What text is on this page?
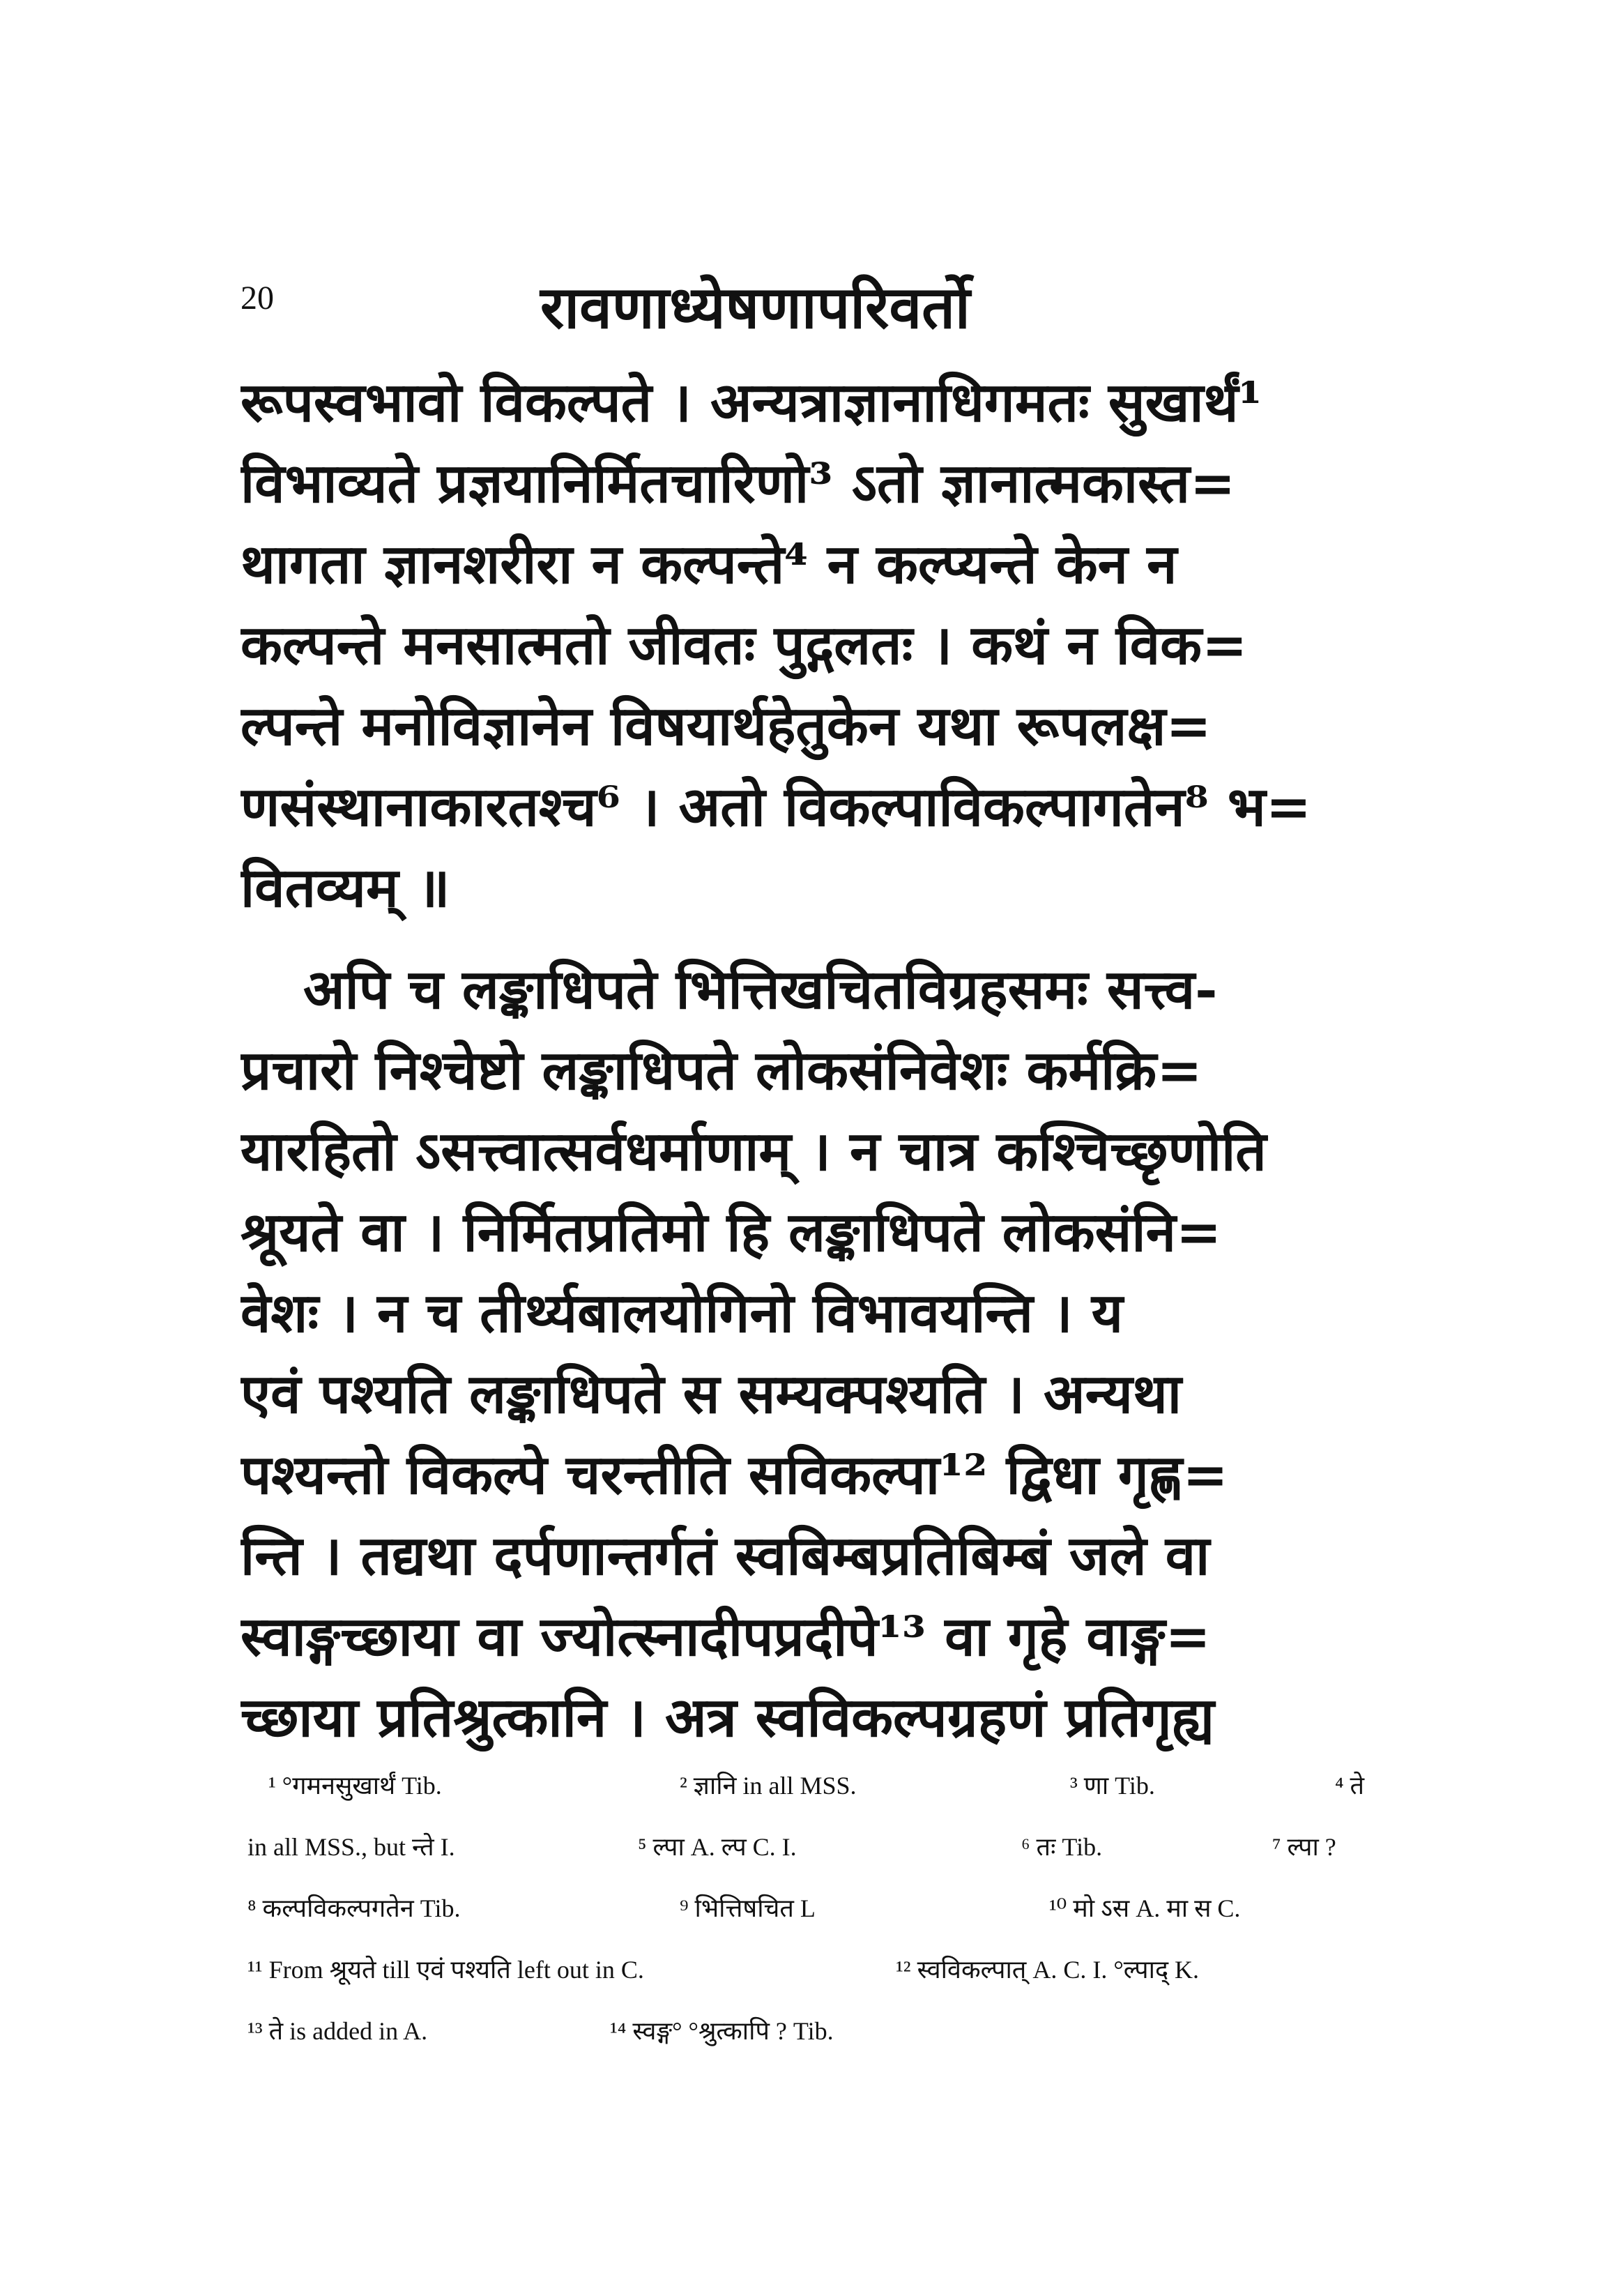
20	रावणाध्येषणापरिवर्तो
रूपस्वभावो विकल्पते । अन्यत्राज्ञानाधिगमतः सुखार्थं¹
विभाव्यते प्रज्ञयानिर्मितचारिणो³ ऽतो ज्ञानात्मकास्त=
थागता ज्ञानशरीरा न कल्पन्ते⁴ न कल्प्यन्ते केन न
कल्पन्ते मनसात्मतो जीवतः पुद्गलतः । कथं न विक=
ल्पन्ते मनोविज्ञानेन विषयार्थहेतुकेन यथा रूपलक्ष=
णसंस्थानाकारतश्च⁶ । अतो विकल्पाविकल्पागतेन⁸ भ=
वितव्यम् ॥
अपि च लङ्काधिपते भित्तिखचितविग्रहसमः सत्त्व-
प्रचारो निश्चेष्टो लङ्काधिपते लोकसंनिवेशः कर्मक्रि=
यारहितो ऽसत्त्वात्सर्वधर्माणाम् । न चात्र कश्चिच्छृणोति
श्रूयते वा । निर्मितप्रतिमो हि लङ्काधिपते लोकसंनि=
वेशः । न च तीर्थ्यबालयोगिनो विभावयन्ति । य
एवं पश्यति लङ्काधिपते स सम्यक्पश्यति । अन्यथा
पश्यन्तो विकल्पे चरन्तीति सविकल्पा¹² द्विधा गृह्ण=
न्ति । तद्यथा दर्पणान्तर्गतं स्वबिम्बप्रतिबिम्बं जले वा
स्वाङ्गच्छाया वा ज्योत्स्नादीपप्रदीपे¹³ वा गृहे वाङ्ग=
च्छाया प्रतिश्रुत्कानि । अत्र स्वविकल्पग्रहणं प्रतिगृह्य
¹ °गमनसुखार्थं Tib.	² ज्ञानि in all MSS.	³ णा Tib.	⁴ ते
in all MSS., but न्ते I.	⁵ ल्पा A. ल्प C. I.	⁶ तः Tib.	⁷ ल्पा ?
⁸ कल्पविकल्पगतेन Tib.	⁹ भित्तिषचित L	¹⁰ मो ऽस A. मा स C.
¹¹ From श्रूयते till एवं पश्यति left out in C.	¹² स्वविकल्पात् A. C. I. °ल्पाद् K.
¹³ ते is added in A.	¹⁴ स्वङ्ग° °श्रुत्कापि ? Tib.
